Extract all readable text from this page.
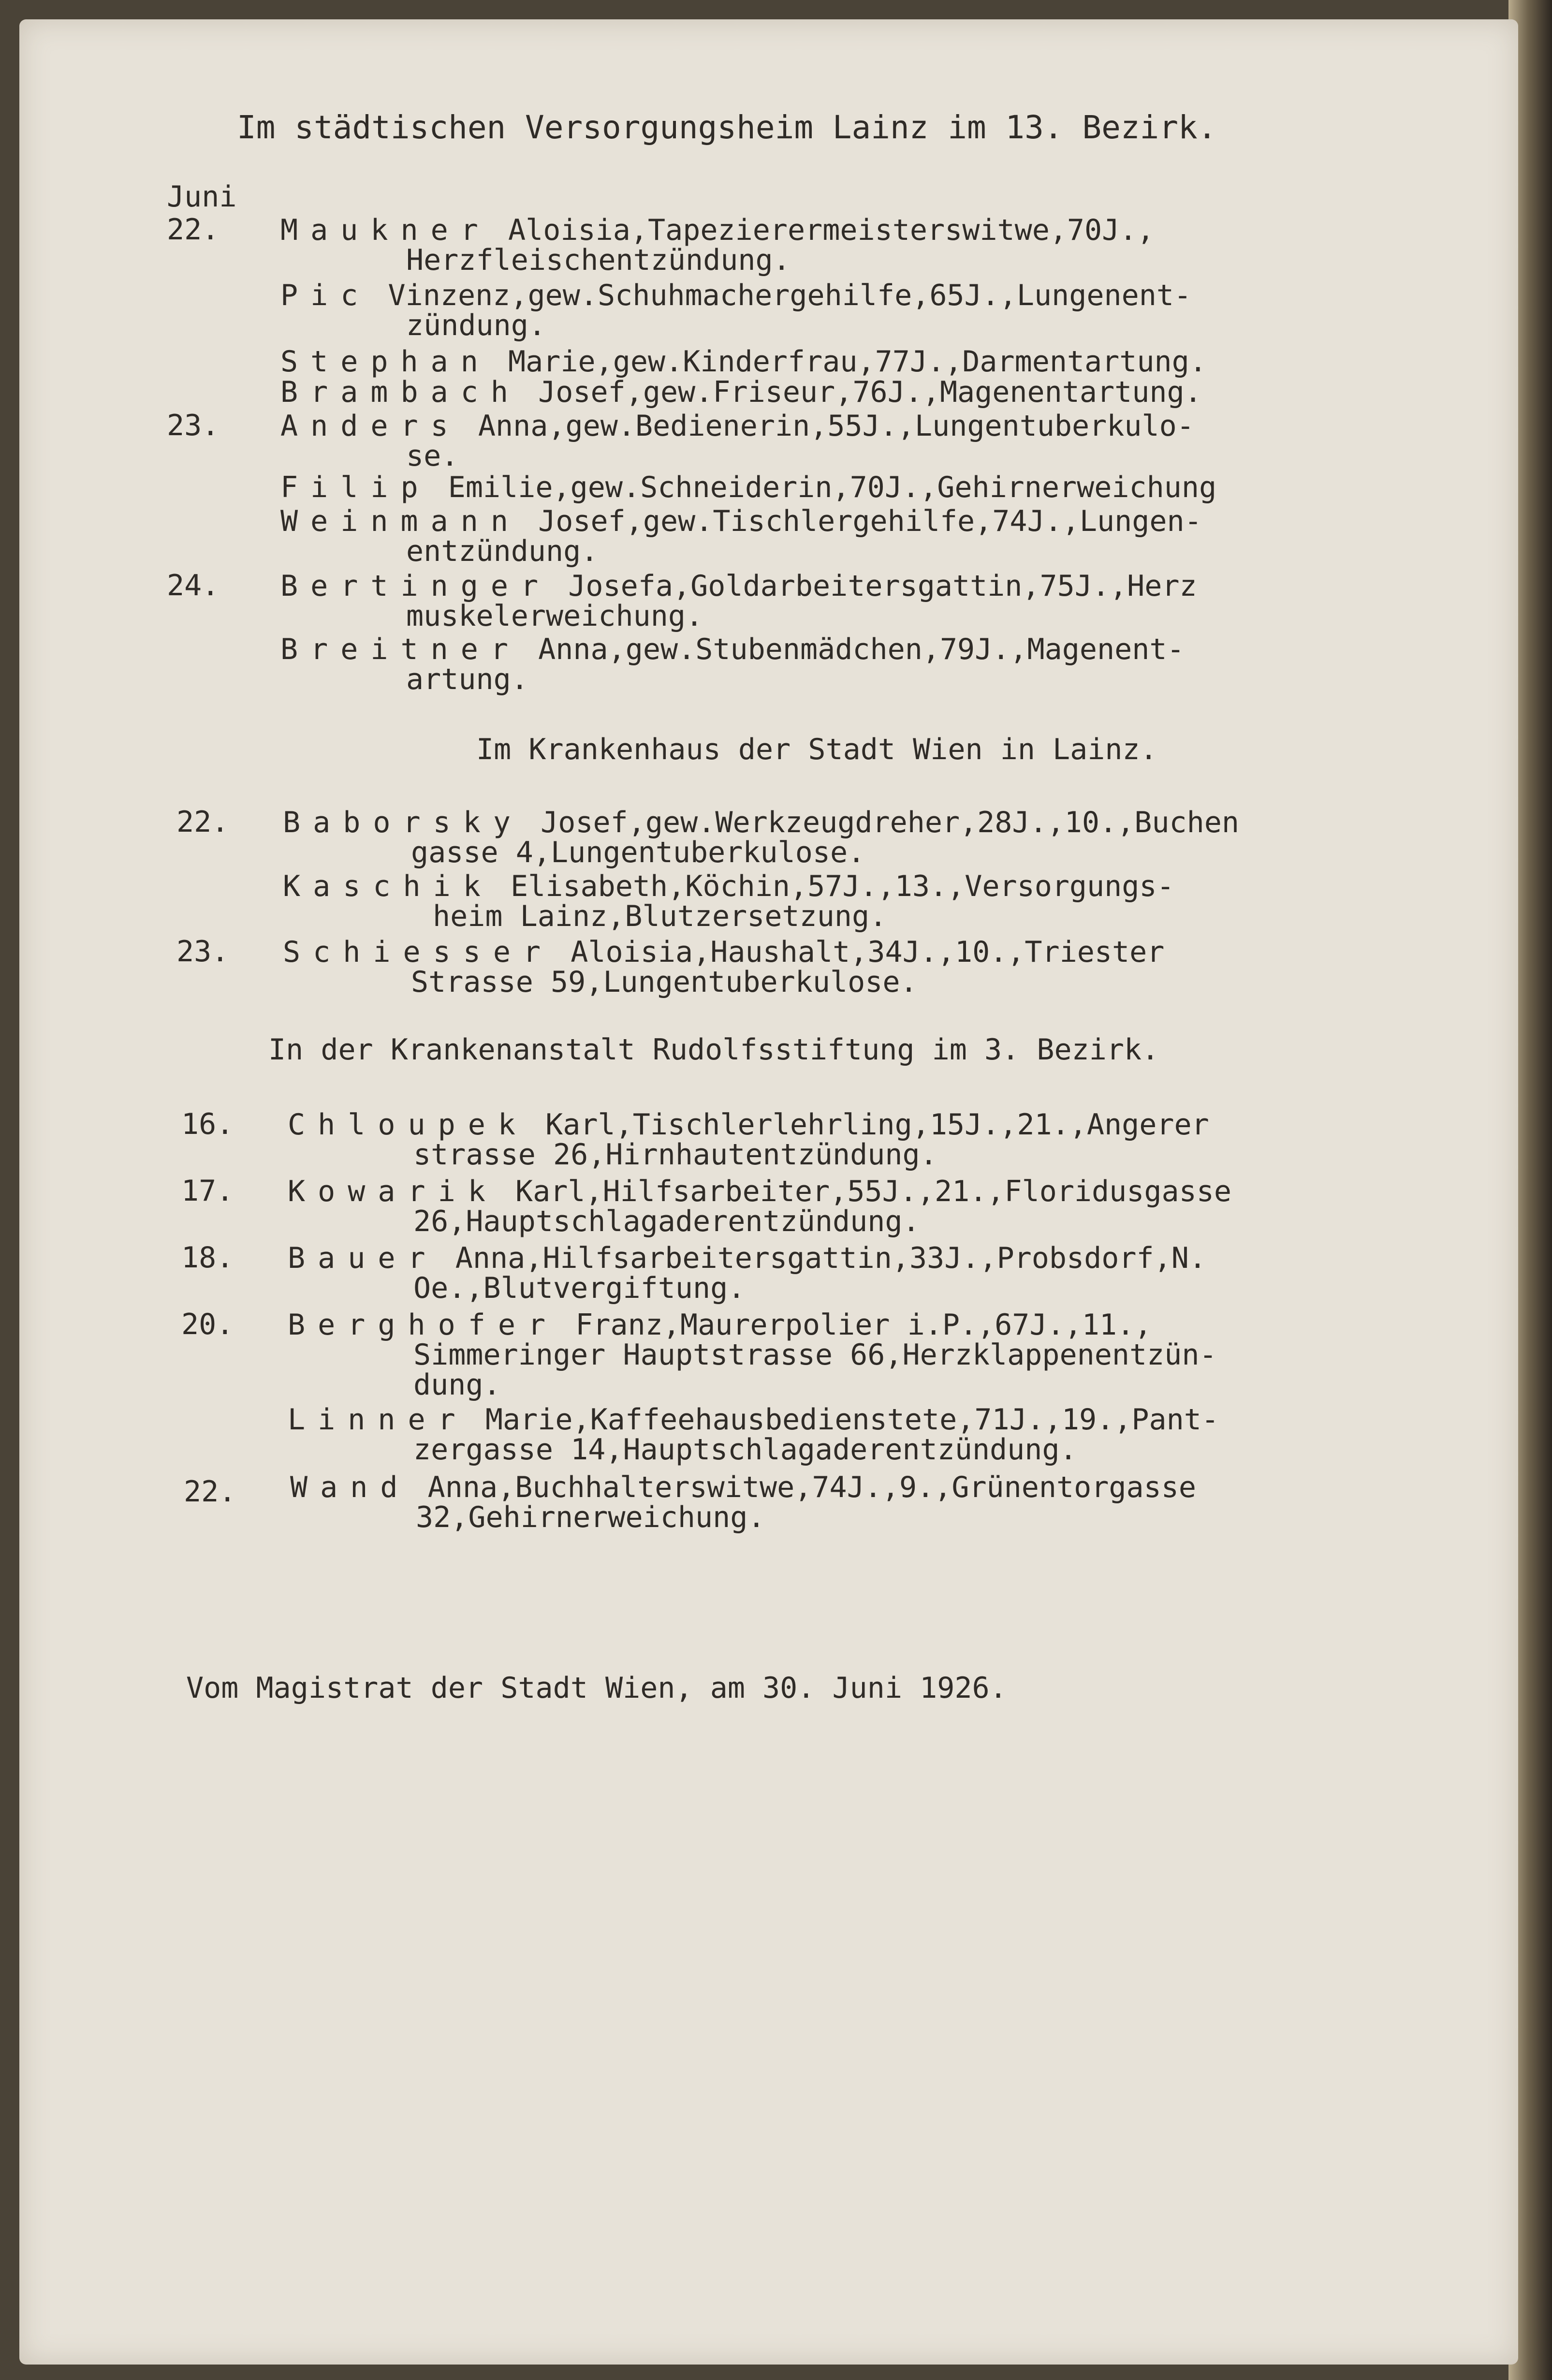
Im städtischen Versorgungsheim Lainz im 13. Bezirk.
Juni
22. Maukner Aloisia,Tapezierermeisterswitwe,70J.,
Herzfleischentzündung.
Pic Vinzenz,gew.Schuhmachergehilfe,65J.,Lungenent-
zündung.
Stephan Marie,gew.Kinderfrau,77J.,Darmentartung.
Brambach Josef,gew.Friseur,76J.,Magenentartung.
23. Anders Anna,gew.Bedienerin,55J.,Lungentuberkulo-
se.
Filip Emilie,gew.Schneiderin,70J.,Gehirnerweichung
Weinmann Josef,gew.Tischlergehilfe,74J.,Lungen-
entzündung.
24. Bertinger Josefa,Goldarbeitersgattin,75J.,Herz
muskelerweichung.
Breitner Anna,gew.Stubenmädchen,79J.,Magenent-
artung.
Im Krankenhaus der Stadt Wien in Lainz.
22. Baborsky Josef,gew.Werkzeugdreher,28J.,10.,Buchen
gasse 4,Lungentuberkulose.
Kaschik Elisabeth,Köchin,57J.,13.,Versorgungs-
heim Lainz,Blutzersetzung.
23. Schiesser Aloisia,Haushalt,34J.,10.,Triester
Strasse 59,Lungentuberkulose.
In der Krankenanstalt Rudolfsstiftung im 3. Bezirk.
16. Chloupek Karl,Tischlerlehrling,15J.,21.,Angerer
strasse 26,Hirnhautentzündung.
17. Kowarik Karl,Hilfsarbeiter,55J.,21.,Floridusgasse
26,Hauptschlagaderentzündung.
18. Bauer Anna,Hilfsarbeitersgattin,33J.,Probsdorf,N.
Oe.,Blutvergiftung.
20. Berghofer Franz,Maurerpolier i.P.,67J.,11.,
Simmeringer Hauptstrasse 66,Herzklappenentzün-
dung.
Linner Marie,Kaffeehausbedienstete,71J.,19.,Pant-
zergasse 14,Hauptschlagaderentzündung.
22. Wand Anna,Buchhalterswitwe,74J.,9.,Grünentorgasse
32,Gehirnerweichung.
Vom Magistrat der Stadt Wien, am 30. Juni 1926.
